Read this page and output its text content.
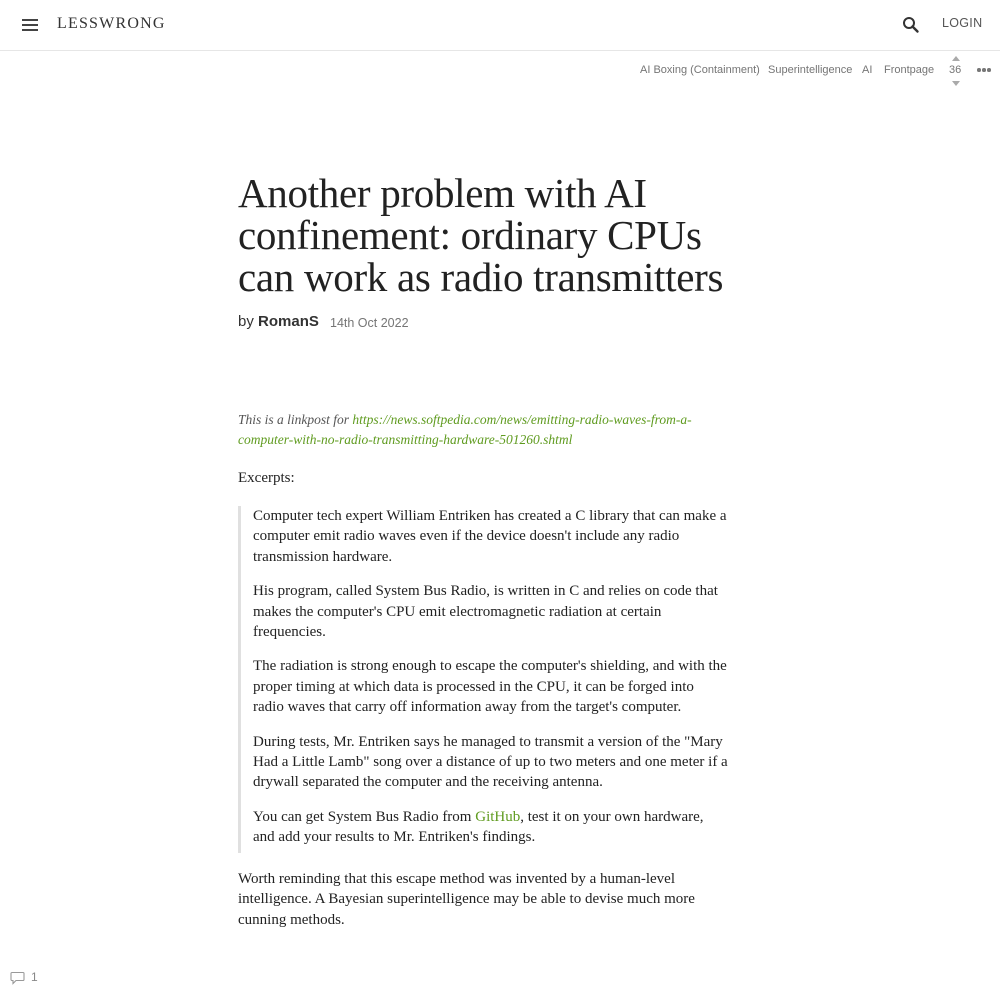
LESSWRONG	LOGIN
AI Boxing (Containment) Superintelligence AI Frontpage 36
Another problem with AI confinement: ordinary CPUs can work as radio transmitters
by RomanS 14th Oct 2022
This is a linkpost for https://news.softpedia.com/news/emitting-radio-waves-from-a-computer-with-no-radio-transmitting-hardware-501260.shtml
Excerpts:

Computer tech expert William Entriken has created a C library that can make a computer emit radio waves even if the device doesn't include any radio transmission hardware.

His program, called System Bus Radio, is written in C and relies on code that makes the computer's CPU emit electromagnetic radiation at certain frequencies.

The radiation is strong enough to escape the computer's shielding, and with the proper timing at which data is processed in the CPU, it can be forged into radio waves that carry off information away from the target's computer.

During tests, Mr. Entriken says he managed to transmit a version of the "Mary Had a Little Lamb" song over a distance of up to two meters and one meter if a drywall separated the computer and the receiving antenna.

You can get System Bus Radio from GitHub, test it on your own hardware, and add your results to Mr. Entriken's findings.

Worth reminding that this escape method was invented by a human-level intelligence. A Bayesian superintelligence may be able to devise much more cunning methods.

1
